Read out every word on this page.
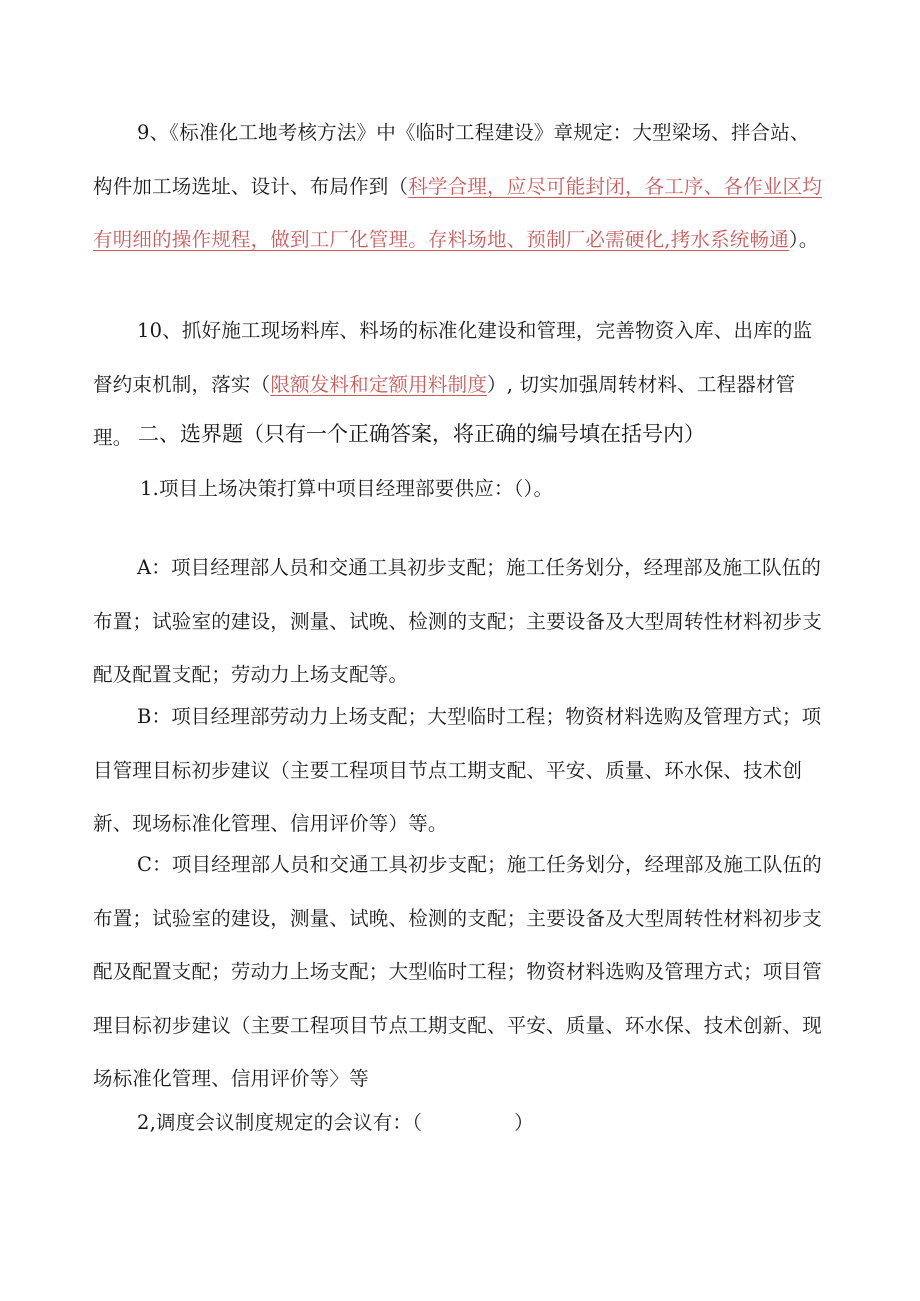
9、《标准化工地考核方法》中《临时工程建设》章规定：大型梁场、拌合站、构件加工场选址、设计、布局作到（科学合理，应尽可能封闭，各工序、各作业区均有明细的操作规程，做到工厂化管理。存料场地、预制厂必需硬化,拷水系统畅通）。

10、抓好施工现场料库、料场的标准化建设和管理，完善物资入库、出库的监督约束机制，落实（限额发料和定额用料制度）, 切实加强周转材料、工程器材管理。 二、选界题（只有一个正确答案，将正确的编号填在括号内）

1.项目上场决策打算中项目经理部要供应：（）。

A：项目经理部人员和交通工具初步支配；施工任务划分，经理部及施工队伍的布置；试验室的建设，测量、试晚、检测的支配；主要设备及大型周转性材料初步支配及配置支配；劳动力上场支配等。

B：项目经理部劳动力上场支配；大型临时工程；物资材料选购及管理方式；项目管理目标初步建议（主要工程项目节点工期支配、平安、质量、环水保、技术创新、现场标准化管理、信用评价等）等。

C：项目经理部人员和交通工具初步支配；施工任务划分，经理部及施工队伍的布置；试验室的建设，测量、试晚、检测的支配；主要设备及大型周转性材料初步支配及配置支配；劳动力上场支配；大型临时工程；物资材料选购及管理方式；项目管理目标初步建议（主要工程项目节点工期支配、平安、质量、环水保、技术创新、现场标准化管理、信用评价等〉等

2,调度会议制度规定的会议有：（	）
